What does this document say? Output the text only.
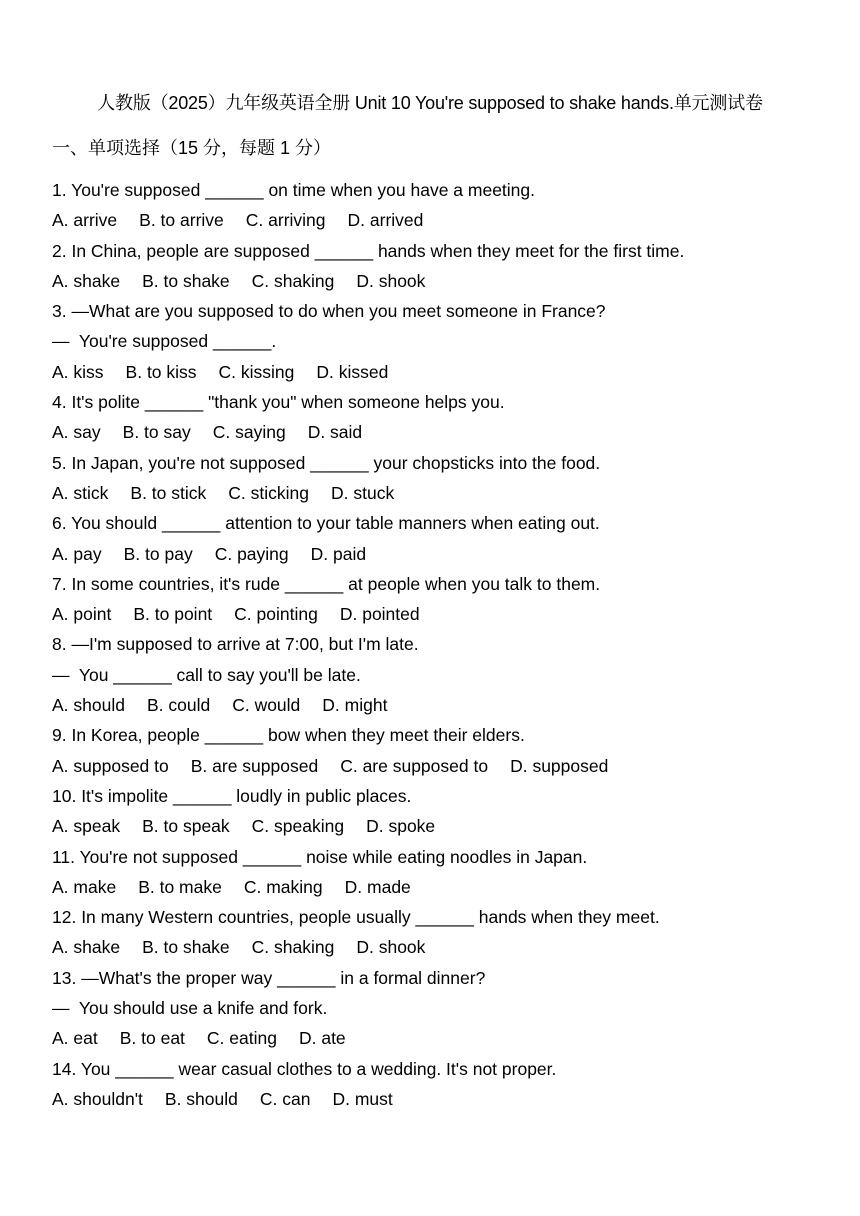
人教版（2025）九年级英语全册 Unit 10 You're supposed to shake hands.单元测试卷
一、单项选择（15 分，每题 1 分）
1. You're supposed ______ on time when you have a meeting.
A. arrive B. to arrive C. arriving D. arrived
2. In China, people are supposed ______ hands when they meet for the first time.
A. shake B. to shake C. shaking D. shook
3. —What are you supposed to do when you meet someone in France?
—  You're supposed ______.
A. kiss B. to kiss C. kissing D. kissed
4. It's polite ______ "thank you" when someone helps you.
A. say B. to say C. saying D. said
5. In Japan, you're not supposed ______ your chopsticks into the food.
A. stick B. to stick C. sticking D. stuck
6. You should ______ attention to your table manners when eating out.
A. pay B. to pay C. paying D. paid
7. In some countries, it's rude ______ at people when you talk to them.
A. point B. to point C. pointing D. pointed
8. —I'm supposed to arrive at 7:00, but I'm late.
—  You ______ call to say you'll be late.
A. should B. could C. would D. might
9. In Korea, people ______ bow when they meet their elders.
A. supposed to B. are supposed C. are supposed to D. supposed
10. It's impolite ______ loudly in public places.
A. speak B. to speak C. speaking D. spoke
11. You're not supposed ______ noise while eating noodles in Japan.
A. make B. to make C. making D. made
12. In many Western countries, people usually ______ hands when they meet.
A. shake B. to shake C. shaking D. shook
13. —What's the proper way ______ in a formal dinner?
—  You should use a knife and fork.
A. eat B. to eat C. eating D. ate
14. You ______ wear casual clothes to a wedding. It's not proper.
A. shouldn't B. should C. can D. must
